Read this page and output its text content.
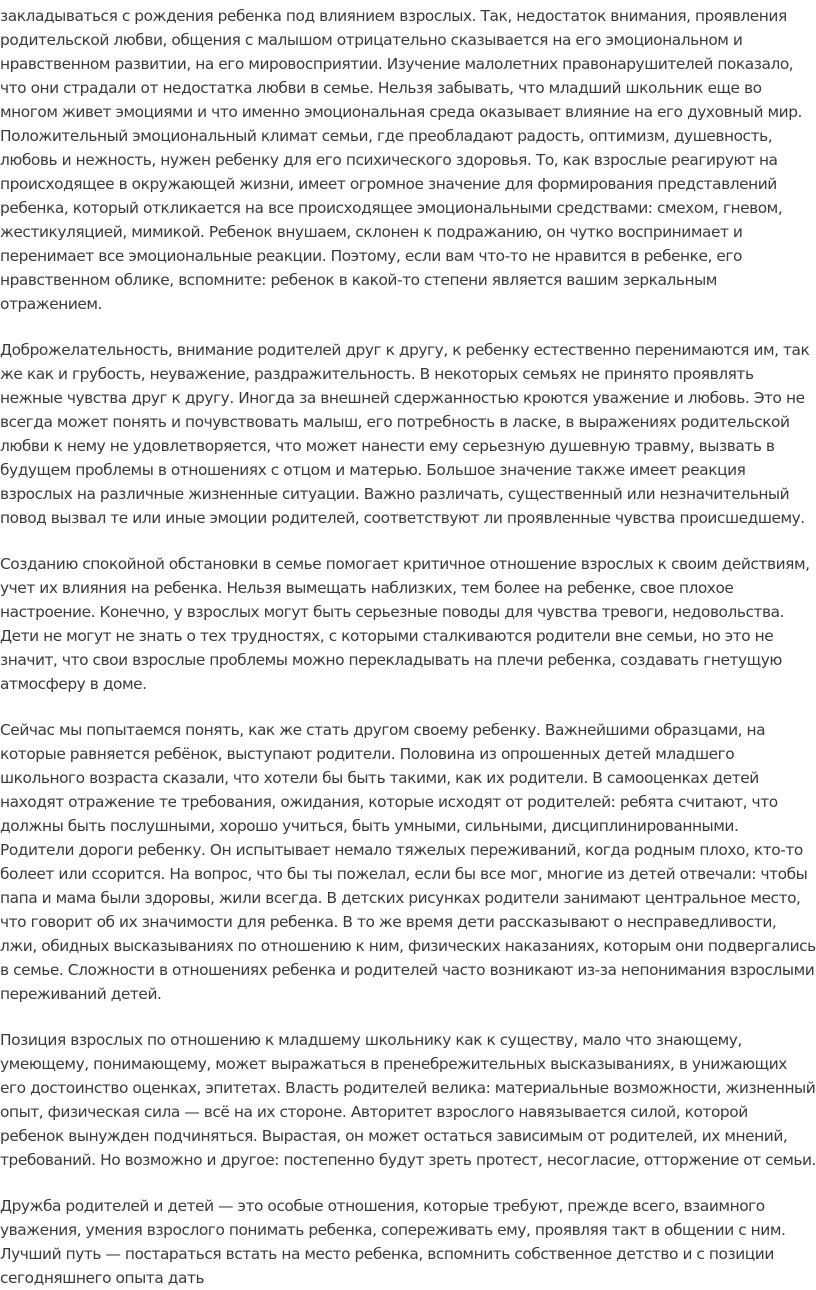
закладываться с рождения ребенка под влиянием взрослых. Так, недостаток внимания, проявления родительской любви, общения с малышом отрицательно сказывается на его эмоциональном и нравственном развитии, на его мировосприятии. Изучение малолетних правонарушителей показало, что они страдали от недостатка любви в семье. Нельзя забывать, что младший школьник еще во многом живет эмоциями и что именно эмоциональная среда оказывает влияние на его духовный мир. Положительный эмоциональный климат семьи, где преобладают радость, оптимизм, душевность, любовь и нежность, нужен ребенку для его психического здоровья. То, как взрослые реагируют на происходящее в окружающей жизни, имеет огромное значение для формирования представлений ребенка, который откликается на все происходящее эмоциональными средствами: смехом, гневом, жестикуляцией, мимикой. Ребенок внушаем, склонен к подражанию, он чутко воспринимает и перенимает все эмоциональные реакции. Поэтому, если вам что-то не нравится в ребенке, его нравственном облике, вспомните: ребенок в какой-то степени является вашим зеркальным отражением.

Доброжелательность, внимание родителей друг к другу, к ребенку естественно перенимаются им, так же как и грубость, неуважение, раздражительность. В некоторых семьях не принято проявлять нежные чувства друг к другу. Иногда за внешней сдержанностью кроются уважение и любовь. Это не всегда может понять и почувствовать малыш, его потребность в ласке, в выражениях родительской любви к нему не удовлетворяется, что может нанести ему серьезную душевную травму, вызвать в будущем проблемы в отношениях с отцом и матерью. Большое значение также имеет реакция взрослых на различные жизненные ситуации. Важно различать, существенный или незначительный повод вызвал те или иные эмоции родителей, соответствуют ли проявленные чувства происшедшему.

Созданию спокойной обстановки в семье помогает критичное отношение взрослых к своим действиям, учет их влияния на ребенка. Нельзя вымещать наблизких, тем более на ребенке, свое плохое настроение. Конечно, у взрослых могут быть серьезные поводы для чувства тревоги, недовольства. Дети не могут не знать о тех трудностях, с которыми сталкиваются родители вне семьи, но это не значит, что свои взрослые проблемы можно перекладывать на плечи ребенка, создавать гнетущую атмосферу в доме.

Сейчас мы попытаемся понять, как же стать другом своему ребенку. Важнейшими образцами, на которые равняется ребёнок, выступают родители. Половина из опрошенных детей младшего школьного возраста сказали, что хотели бы быть такими, как их родители. В самооценках детей находят отражение те требования, ожидания, которые исходят от родителей: ребята считают, что должны быть послушными, хорошо учиться, быть умными, сильными, дисциплинированными. Родители дороги ребенку. Он испытывает немало тяжелых переживаний, когда родным плохо, кто-то болеет или ссорится. На вопрос, что бы ты пожелал, если бы все мог, многие из детей отвечали: чтобы папа и мама были здоровы, жили всегда. В детских рисунках родители занимают центральное место, что говорит об их значимости для ребенка. В то же время дети рассказывают о несправедливости, лжи, обидных высказываниях по отношению к ним, физических наказаниях, которым они подвергались в семье. Сложности в отношениях ребенка и родителей часто возникают из-за непонимания взрослыми переживаний детей.

Позиция взрослых по отношению к младшему школьнику как к существу, мало что знающему, умеющему, понимающему, может выражаться в пренебрежительных высказываниях, в унижающих его достоинство оценках, эпитетах. Власть родителей велика: материальные возможности, жизненный опыт, физическая сила — всё на их стороне. Авторитет взрослого навязывается силой, которой ребенок вынужден подчиняться. Вырастая, он может остаться зависимым от родителей, их мнений, требований. Но возможно и другое: постепенно будут зреть протест, несогласие, отторжение от семьи.

Дружба родителей и детей — это особые отношения, которые требуют, прежде всего, взаимного уважения, умения взрослого понимать ребенка, сопереживать ему, проявляя такт в общении с ним. Лучший путь — постараться встать на место ребенка, вспомнить собственное детство и с позиции сегодняшнего опыта дать
